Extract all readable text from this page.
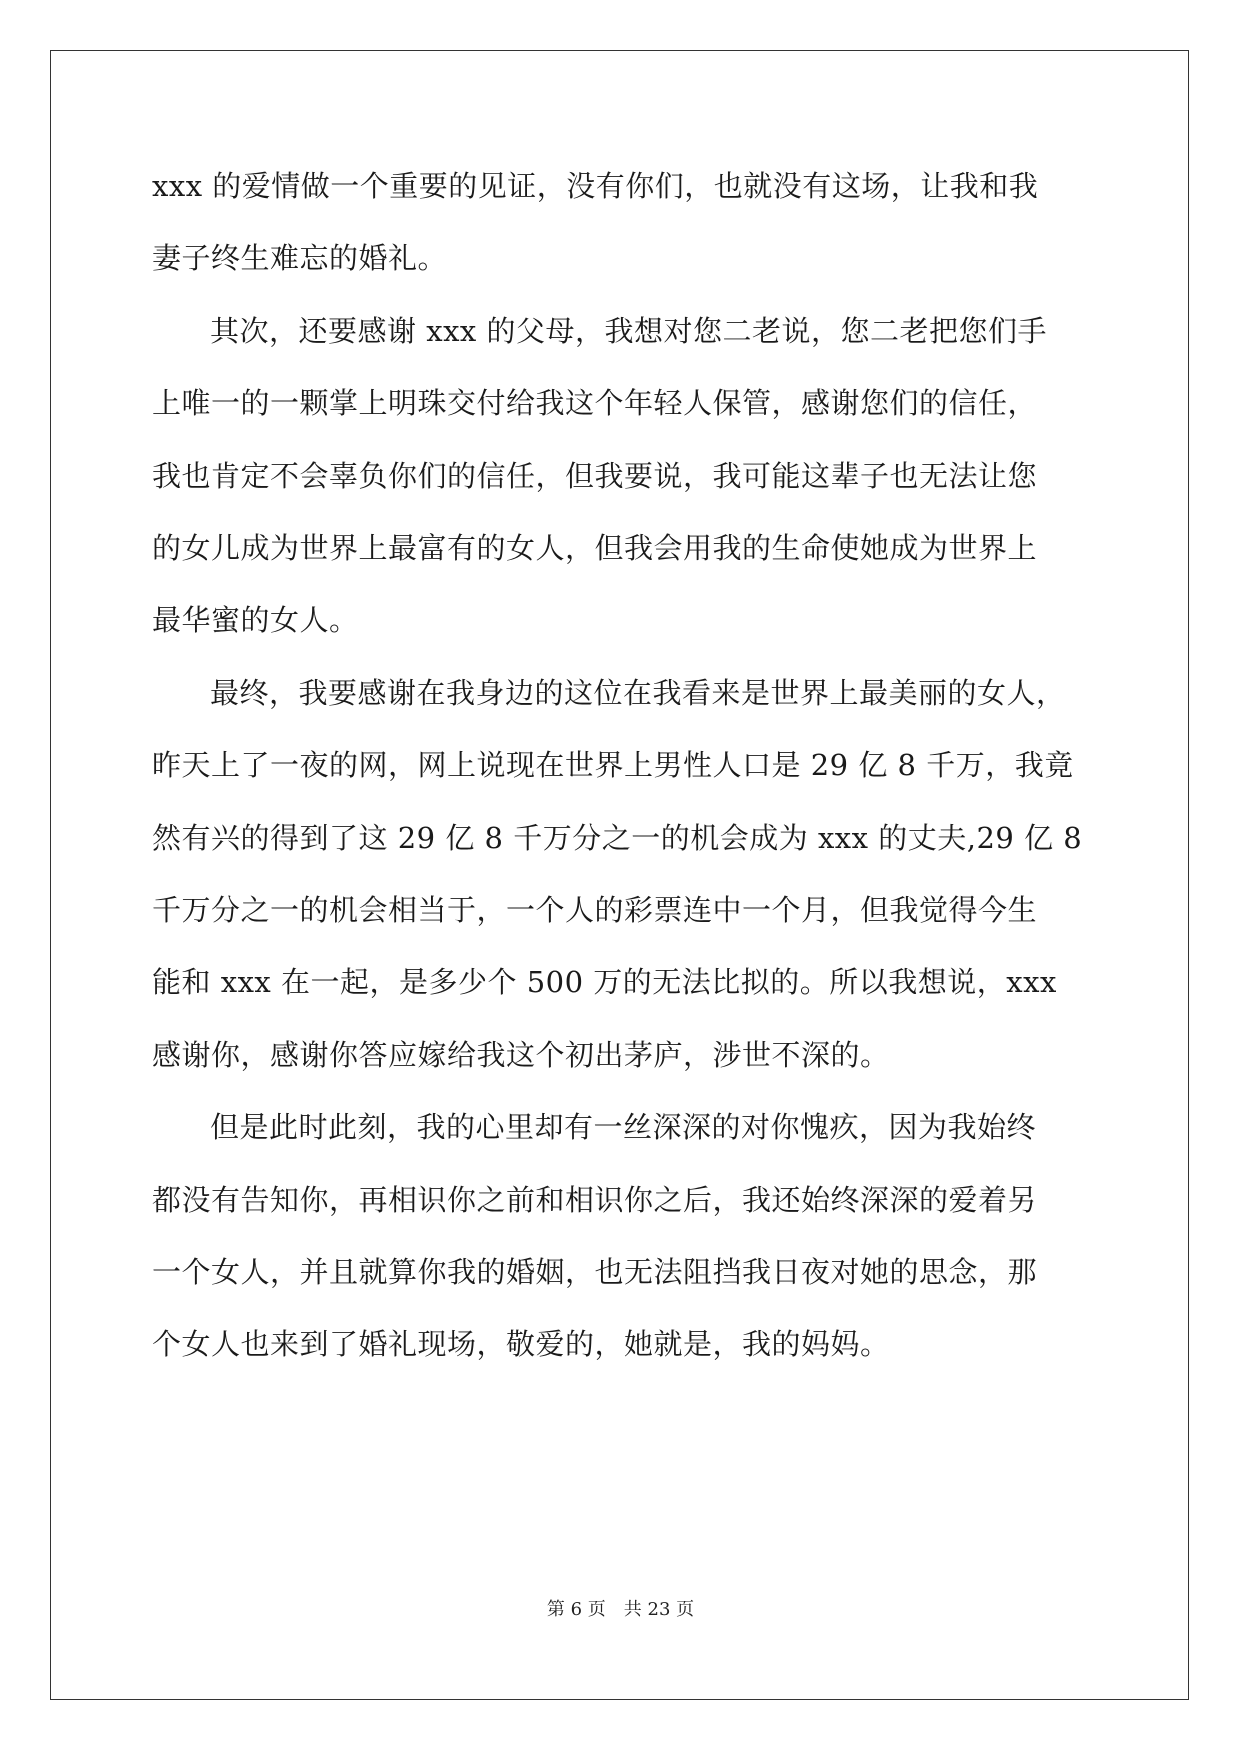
xxx 的爱情做一个重要的见证，没有你们，也就没有这场，让我和我
妻子终生难忘的婚礼。
其次，还要感谢 xxx 的父母，我想对您二老说，您二老把您们手
上唯一的一颗掌上明珠交付给我这个年轻人保管，感谢您们的信任，
我也肯定不会辜负你们的信任，但我要说，我可能这辈子也无法让您
的女儿成为世界上最富有的女人，但我会用我的生命使她成为世界上
最华蜜的女人。
最终，我要感谢在我身边的这位在我看来是世界上最美丽的女人，
昨天上了一夜的网，网上说现在世界上男性人口是 29 亿 8 千万，我竟
然有兴的得到了这 29 亿 8 千万分之一的机会成为 xxx 的丈夫,29 亿 8
千万分之一的机会相当于，一个人的彩票连中一个月，但我觉得今生
能和 xxx 在一起，是多少个 500 万的无法比拟的。所以我想说，xxx
感谢你，感谢你答应嫁给我这个初出茅庐，涉世不深的。
但是此时此刻，我的心里却有一丝深深的对你愧疚，因为我始终
都没有告知你，再相识你之前和相识你之后，我还始终深深的爱着另
一个女人，并且就算你我的婚姻，也无法阻挡我日夜对她的思念，那
个女人也来到了婚礼现场，敬爱的，她就是，我的妈妈。
第 6 页　共 23 页
